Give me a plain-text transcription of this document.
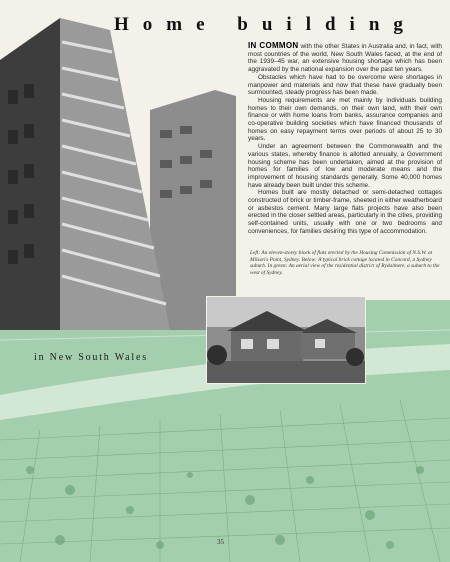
Home building

IN COMMON with the other States in Australia and, in fact, with most countries of the world, New South Wales faced, at the end of the 1939–45 war, an extensive housing shortage which has been aggravated by the national expansion over the past ten years.

Obstacles which have had to be overcome were shortages in manpower and materials and now that these have gradually been surmounted, steady progress has been made.

Housing requirements are met mainly by individuals building homes to their own demands, on their own land, with their own finance or with home loans from banks, assurance companies and co-operative building societies which have financed thousands of homes on easy repayment terms over periods of about 25 to 30 years.

Under an agreement between the Commonwealth and the various states, whereby finance is allotted annually, a Government housing scheme has been undertaken, aimed at the provision of homes for families of low and moderate means and the improvement of housing standards generally. Some 40,000 homes have already been built under this scheme.

Homes built are mostly detached or semi-detached cottages constructed of brick or timber-frame, sheeted in either weatherboard or asbestos cement. Many large flats projects have also been erected in the closer settled areas, particularly in the cities, providing self-contained units, usually with one or two bedrooms and conveniences, for families desiring this type of accommodation.

Left: An eleven-storey block of flats erected by the Housing Commission of N.S.W. at Milson's Point, Sydney. Below: A typical brick cottage located in Concord, a Sydney suburb. In green: An aerial view of the residential district of Rydalmere, a suburb to the west of Sydney.
in New South Wales
35
